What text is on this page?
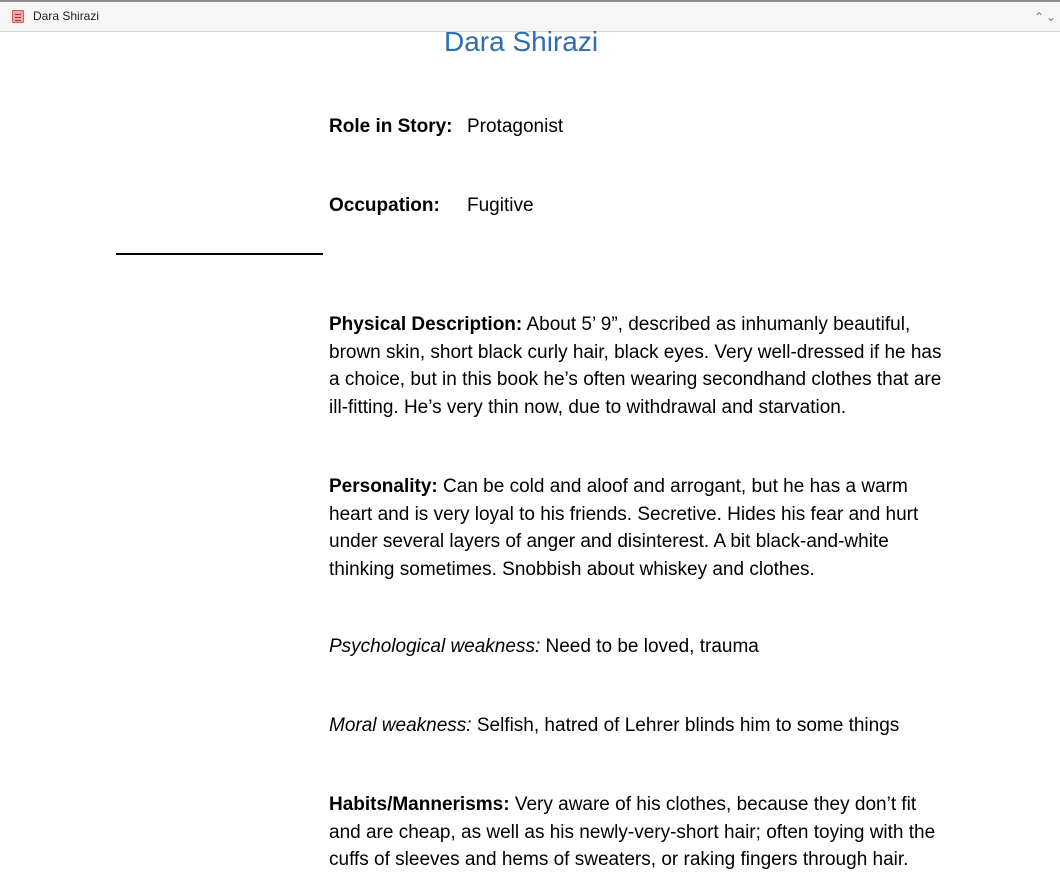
Dara Shirazi	⌃⌄
Dara Shirazi
Role in Story: Protagonist
Occupation: Fugitive
Physical Description: About 5’ 9”, described as inhumanly beautiful,
brown skin, short black curly hair, black eyes. Very well-dressed if he has
a choice, but in this book he’s often wearing secondhand clothes that are
ill-fitting. He’s very thin now, due to withdrawal and starvation.
Personality: Can be cold and aloof and arrogant, but he has a warm
heart and is very loyal to his friends. Secretive. Hides his fear and hurt
under several layers of anger and disinterest. A bit black-and-white
thinking sometimes. Snobbish about whiskey and clothes.
Psychological weakness: Need to be loved, trauma
Moral weakness: Selfish, hatred of Lehrer blinds him to some things
Habits/Mannerisms: Very aware of his clothes, because they don’t fit
and are cheap, as well as his newly-very-short hair; often toying with the
cuffs of sleeves and hems of sweaters, or raking fingers through hair.
